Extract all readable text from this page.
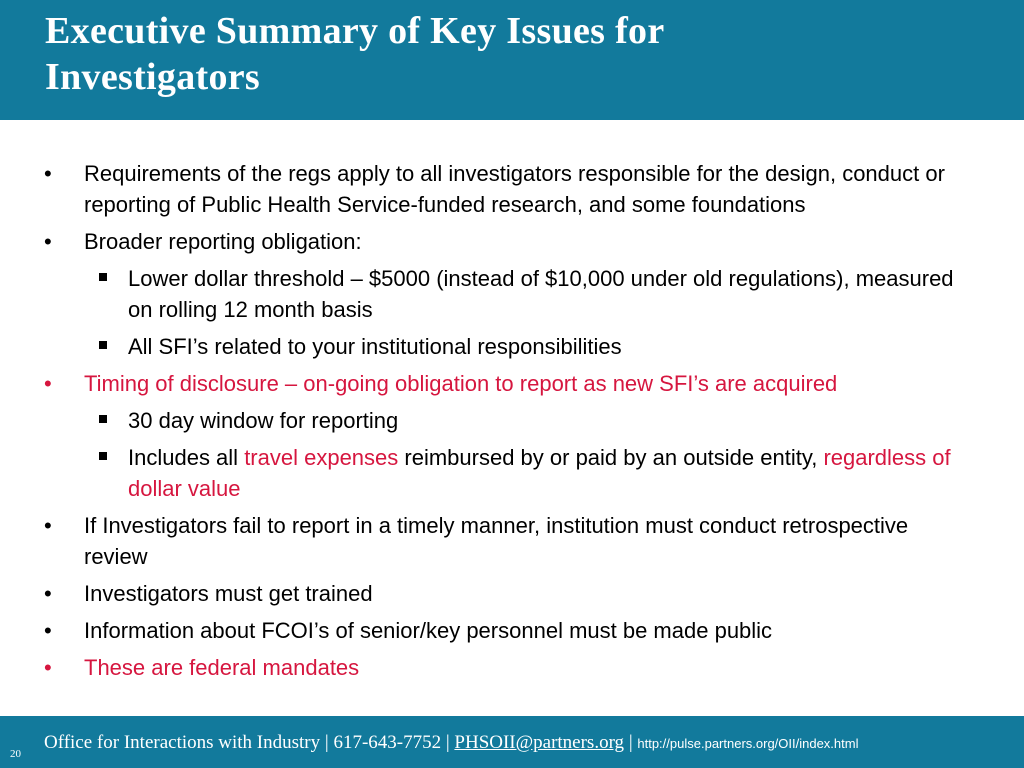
Executive Summary of Key Issues for
Investigators
• Requirements of the regs apply to all investigators responsible for the design, conduct or reporting of Public Health Service-funded research, and some foundations
• Broader reporting obligation:
Lower dollar threshold – $5000 (instead of $10,000 under old regulations), measured on rolling 12 month basis
All SFI’s related to your institutional responsibilities
• Timing of disclosure – on-going obligation to report as new SFI’s are acquired
30 day window for reporting
Includes all travel expenses reimbursed by or paid by an outside entity, regardless of dollar value
• If Investigators fail to report in a timely manner, institution must conduct retrospective review
• Investigators must get trained
• Information about FCOI’s of senior/key personnel must be made public
• These are federal mandates
Office for Interactions with Industry | 617-643-7752 | PHSOII@partners.org | http://pulse.partners.org/OII/index.html
20
